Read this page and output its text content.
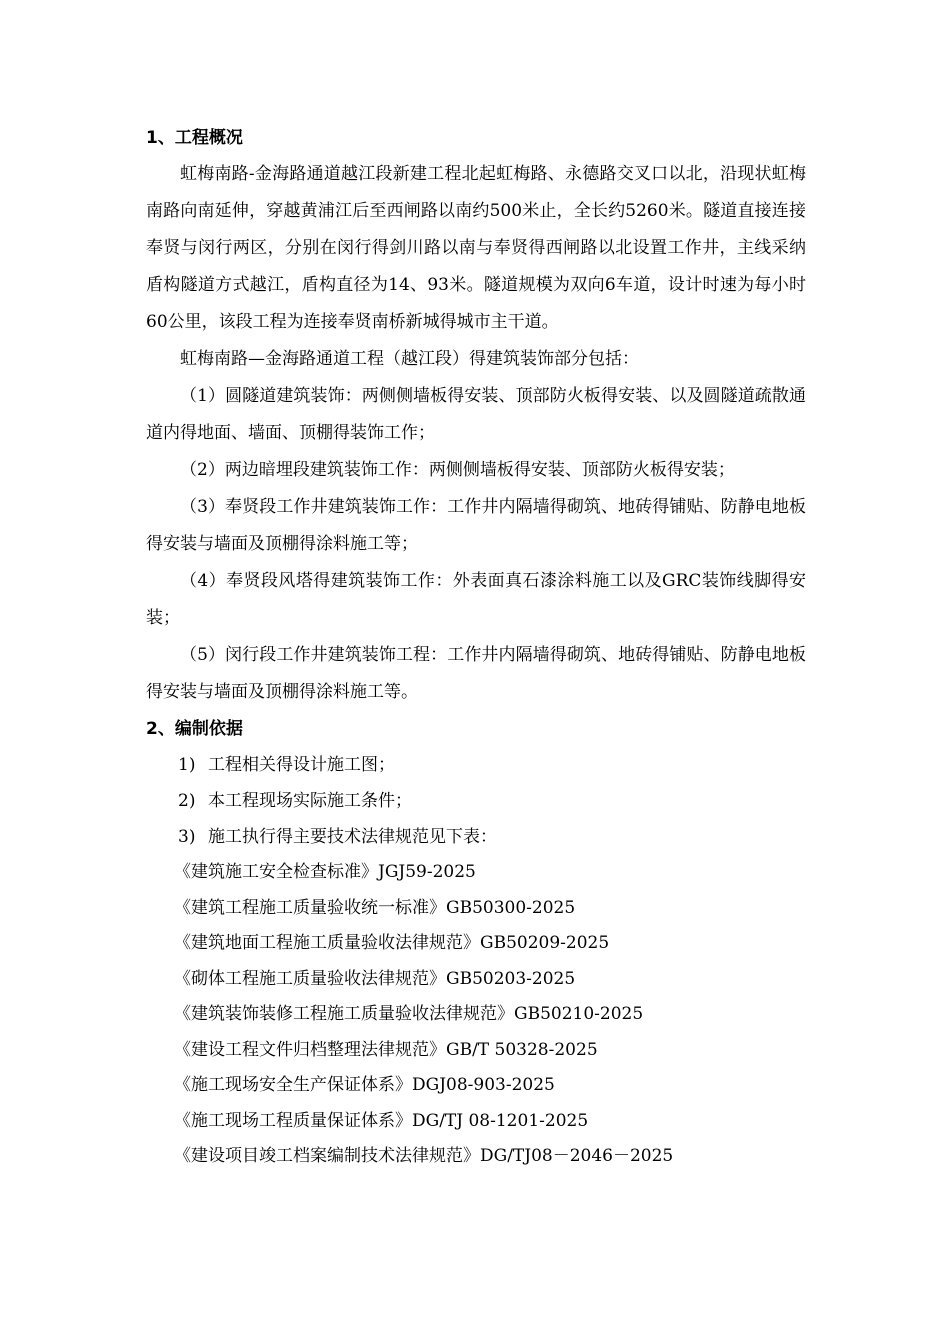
1、工程概况

虹梅南路-金海路通道越江段新建工程北起虹梅路、永德路交叉口以北，沿现状虹梅南路向南延伸，穿越黄浦江后至西闸路以南约500米止，全长约5260米。隧道直接连接奉贤与闵行两区，分别在闵行得剑川路以南与奉贤得西闸路以北设置工作井，主线采纳盾构隧道方式越江，盾构直径为14、93米。隧道规模为双向6车道，设计时速为每小时60公里，该段工程为连接奉贤南桥新城得城市主干道。

虹梅南路—金海路通道工程（越江段）得建筑装饰部分包括：

（1）圆隧道建筑装饰：两侧侧墙板得安装、顶部防火板得安装、以及圆隧道疏散通道内得地面、墙面、顶棚得装饰工作；

（2）两边暗埋段建筑装饰工作：两侧侧墙板得安装、顶部防火板得安装；

（3）奉贤段工作井建筑装饰工作：工作井内隔墙得砌筑、地砖得铺贴、防静电地板得安装与墙面及顶棚得涂料施工等；

（4）奉贤段风塔得建筑装饰工作：外表面真石漆涂料施工以及GRC装饰线脚得安装；

（5）闵行段工作井建筑装饰工程：工作井内隔墙得砌筑、地砖得铺贴、防静电地板得安装与墙面及顶棚得涂料施工等。

2、编制依据
1) 工程相关得设计施工图；
2) 本工程现场实际施工条件；
3) 施工执行得主要技术法律规范见下表：
《建筑施工安全检查标准》JGJ59-2025
《建筑工程施工质量验收统一标准》GB50300-2025
《建筑地面工程施工质量验收法律规范》GB50209-2025
《砌体工程施工质量验收法律规范》GB50203-2025
《建筑装饰装修工程施工质量验收法律规范》GB50210-2025
《建设工程文件归档整理法律规范》GB/T 50328-2025
《施工现场安全生产保证体系》DGJ08-903-2025
《施工现场工程质量保证体系》DG/TJ 08-1201-2025
《建设项目竣工档案编制技术法律规范》DG/TJ08－2046－2025
